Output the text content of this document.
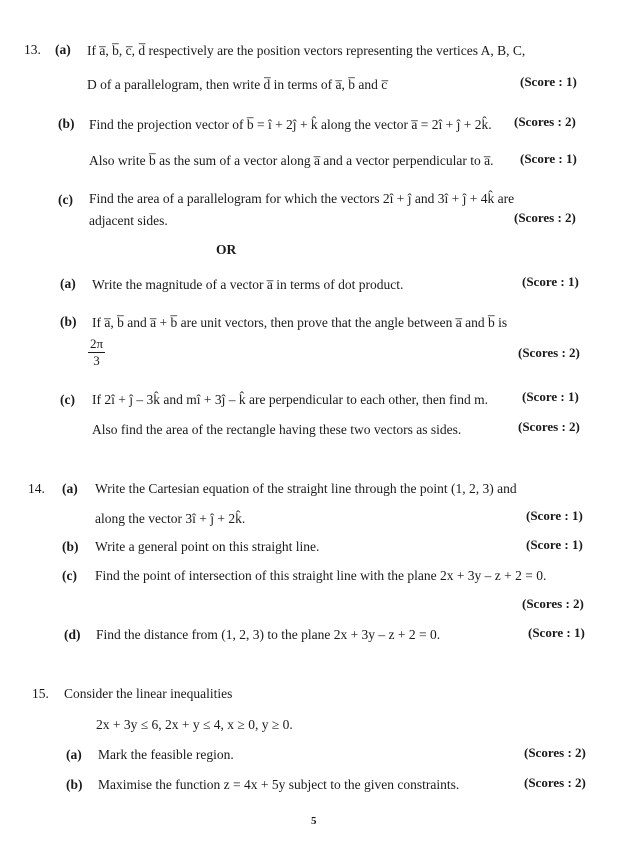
13. (a) If a̅, b̅, c̅, d̅ respectively are the position vectors representing the vertices A, B, C,
D of a parallelogram, then write d̅ in terms of a̅, b̅ and c̅	(Score : 1)
(b) Find the projection vector of b̅ = î + 2ĵ + k̂ along the vector a̅ = 2î + ĵ + 2k̂. (Scores : 2)
Also write b̅ as the sum of a vector along a̅ and a vector perpendicular to a̅. (Score : 1)
(c) Find the area of a parallelogram for which the vectors 2î + ĵ and 3î + ĵ + 4k̂ are
adjacent sides.	(Scores : 2)
OR
(a) Write the magnitude of a vector a̅ in terms of dot product.	(Score : 1)
(b) If a̅, b̅ and a̅ + b̅ are unit vectors, then prove that the angle between a̅ and b̅ is
$\frac{2\pi}{3}$	(Scores : 2)
(c) If 2î + ĵ – 3k̂ and mî + 3ĵ – k̂ are perpendicular to each other, then find m.	(Score : 1)
Also find the area of the rectangle having these two vectors as sides.	(Scores : 2)
14. (a) Write the Cartesian equation of the straight line through the point (1, 2, 3) and
along the vector 3î + ĵ + 2k̂.	(Score : 1)
(b) Write a general point on this straight line.	(Score : 1)
(c) Find the point of intersection of this straight line with the plane 2x + 3y – z + 2 = 0.
(Scores : 2)
(d) Find the distance from (1, 2, 3) to the plane 2x + 3y – z + 2 = 0.	(Score : 1)
15. Consider the linear inequalities
2x + 3y ≤ 6, 2x + y ≤ 4, x ≥ 0, y ≥ 0.
(a) Mark the feasible region.	(Scores : 2)
(b) Maximise the function z = 4x + 5y subject to the given constraints.	(Scores : 2)
5
